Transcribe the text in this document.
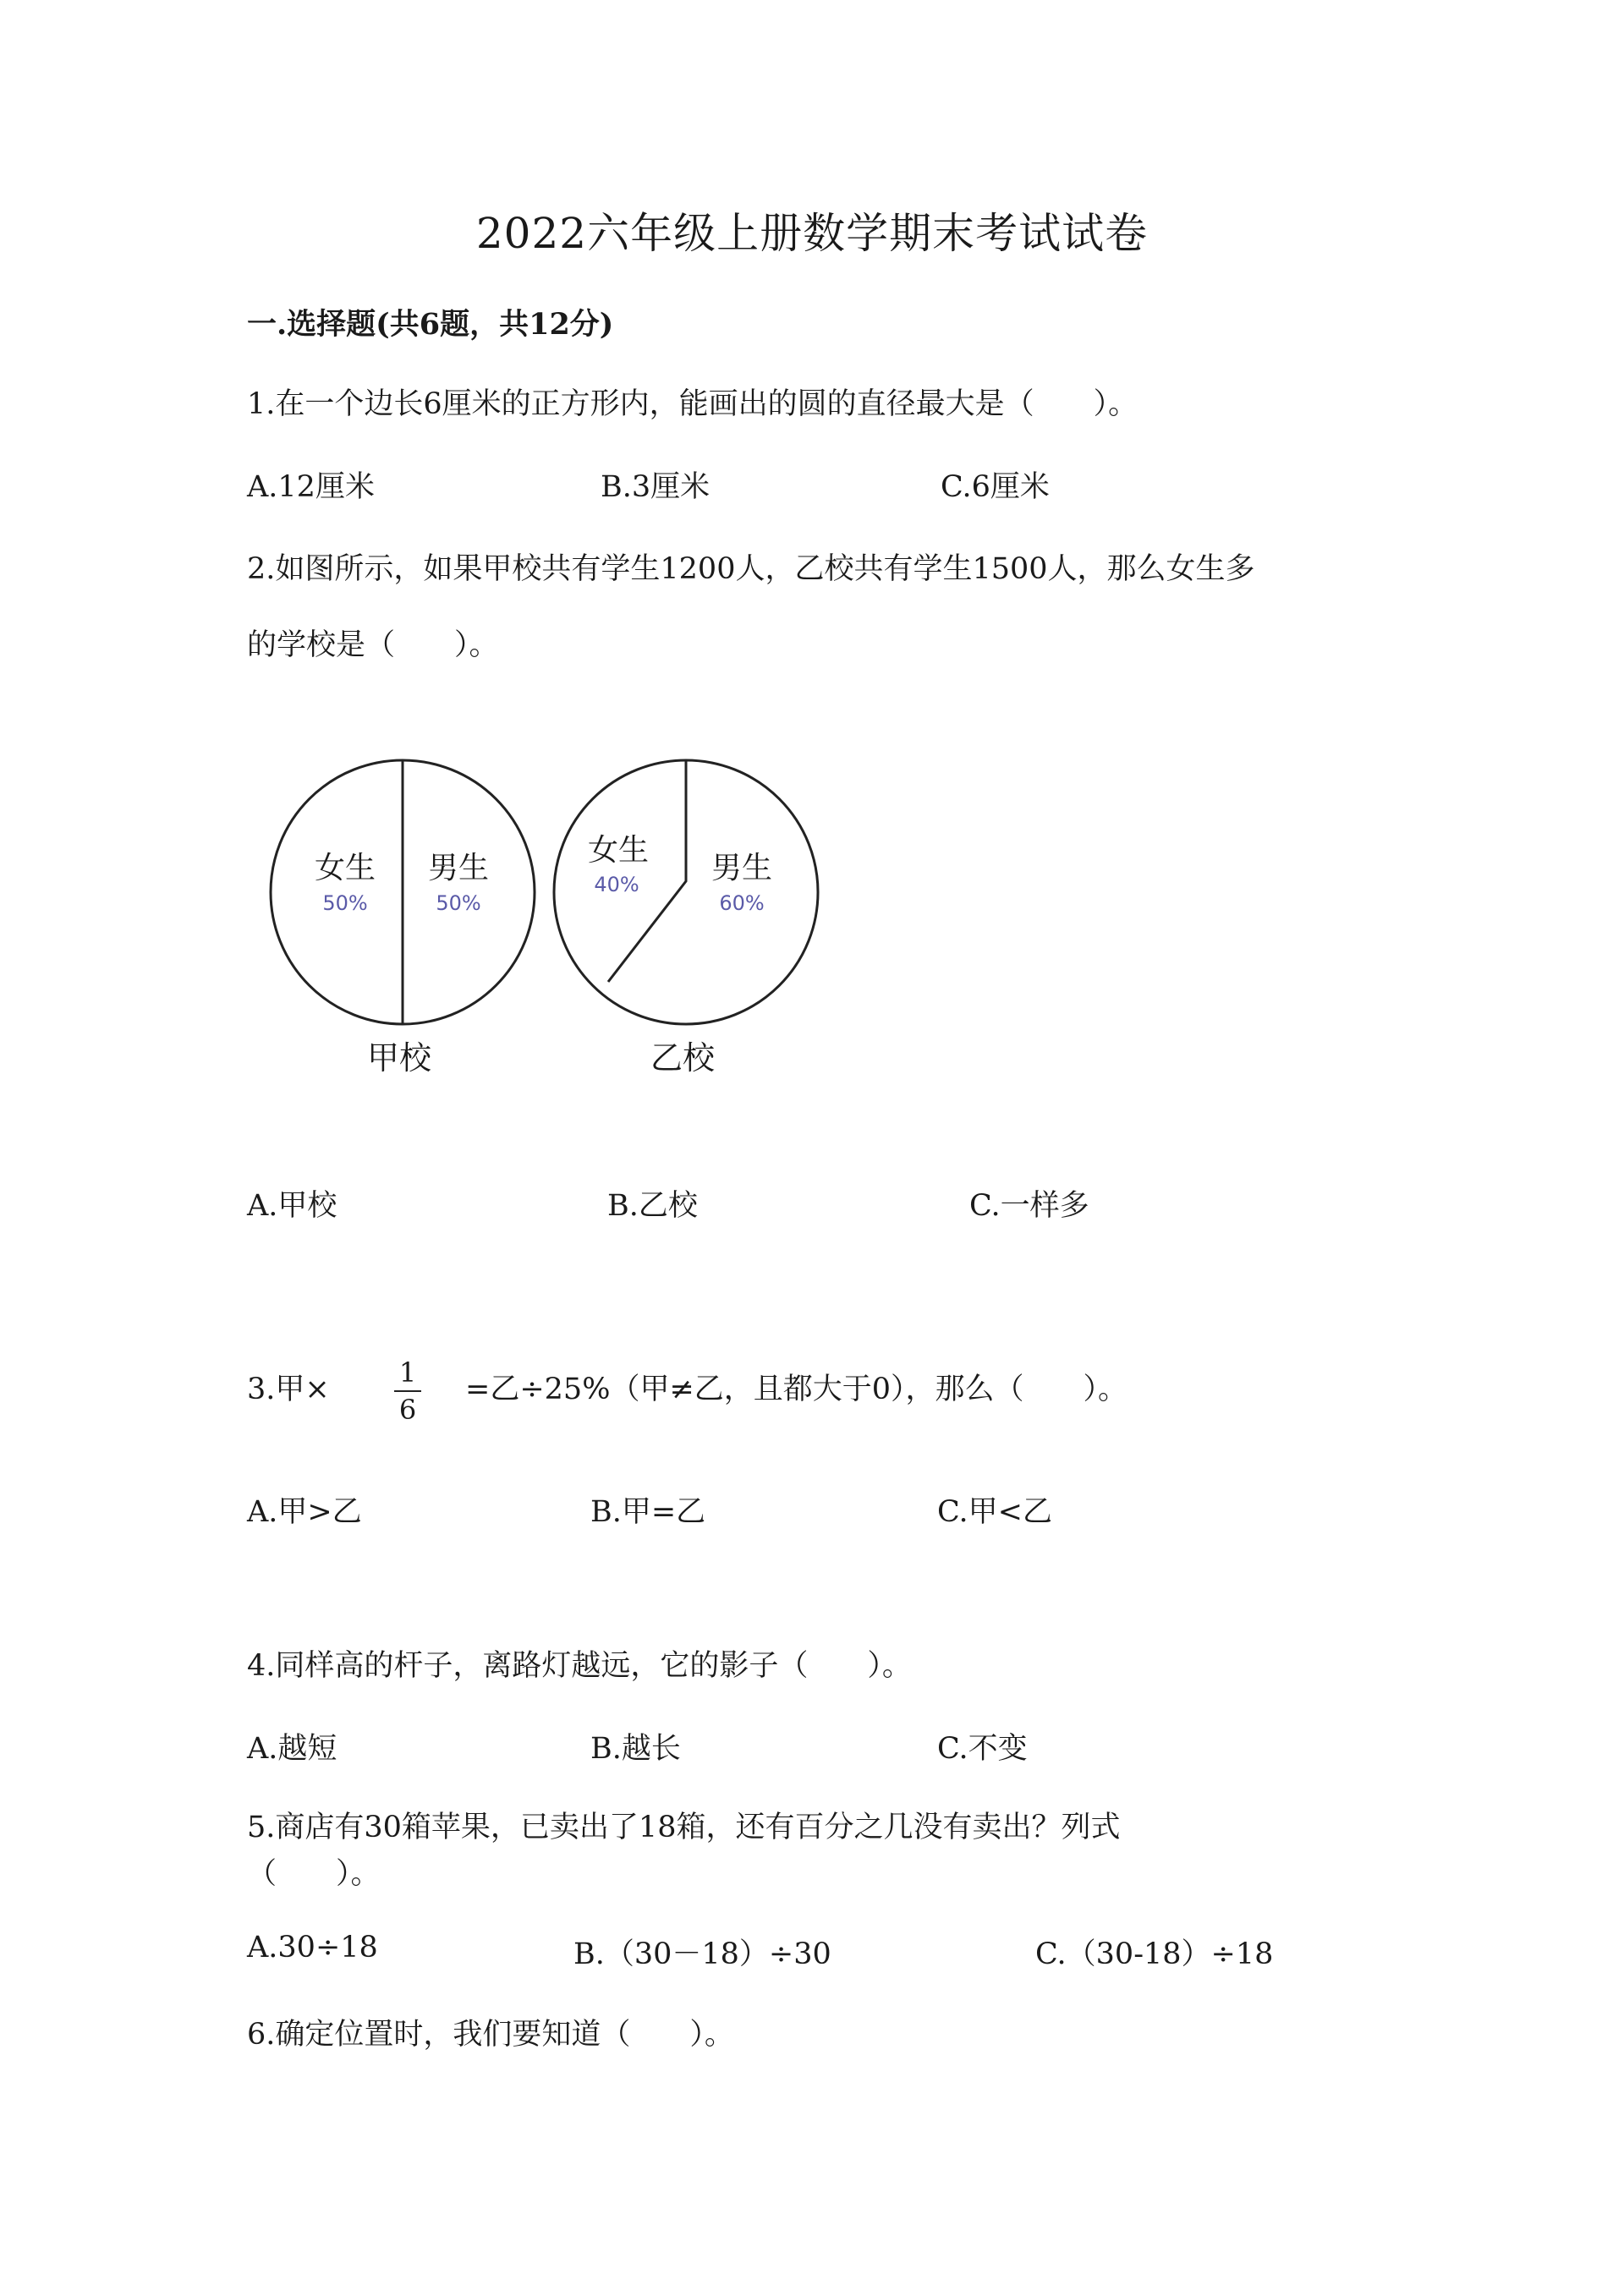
2022六年级上册数学期末考试试卷
一.选择题(共6题，共12分)
1.在一个边长6厘米的正方形内，能画出的圆的直径最大是（　　）。
A.12厘米	B.3厘米	C.6厘米
2.如图所示，如果甲校共有学生1200人，乙校共有学生1500人，那么女生多
的学校是（　　）。
女生
50%
男生
50%
甲校
女生
40% 男生
60%
乙校
A.甲校	B.乙校	C.一样多
3.甲×	1
6
=乙÷25%（甲≠乙，且都大于0），那么（　　）。
A.甲>乙	B.甲=乙	C.甲<乙
4.同样高的杆子，离路灯越远，它的影子（　　）。
A.越短	B.越长	C.不变
5.商店有30箱苹果，已卖出了18箱，还有百分之几没有卖出？列式
（　　）。
A.30÷18	B.（30－18）÷30	C.（30-18）÷18
6.确定位置时，我们要知道（　　）。
